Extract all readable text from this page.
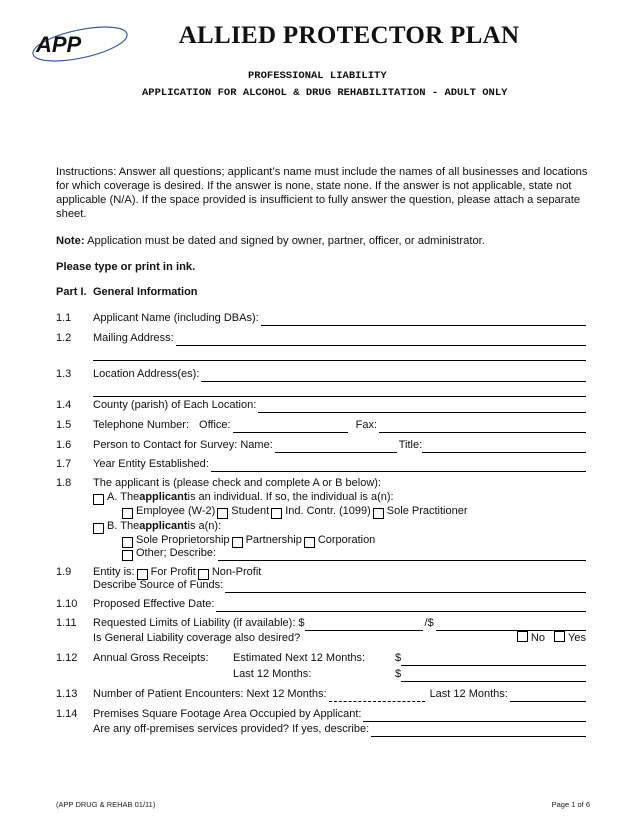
APP	ALLIED PROTECTOR PLAN
PROFESSIONAL LIABILITY
APPLICATION FOR ALCOHOL & DRUG REHABILITATION - ADULT ONLY
Instructions: Answer all questions; applicant’s name must include the names of all businesses and locations for which coverage is desired. If the answer is none, state none. If the answer is not applicable, state not applicable (N/A). If the space provided is insufficient to fully answer the question, please attach a separate sheet.
Note: Application must be dated and signed by owner, partner, officer, or administrator.
Please type or print in ink.
Part I. General Information
1.1 Applicant Name (including DBAs):
1.2 Mailing Address:
1.3 Location Address(es):
1.4 County (parish) of Each Location:
1.5 Telephone Number: Office:	Fax:
1.6 Person to Contact for Survey: Name:	Title:
1.7 Year Entity Established:
1.8 The applicant is (please check and complete A or B below):
A. The applicant is an individual. If so, the individual is a(n):
Employee (W-2) Student Ind. Contr. (1099) Sole Practitioner
B. The applicant is a(n):
Sole Proprietorship Partnership Corporation
Other; Describe:
1.9 Entity is: For Profit Non-Profit
Describe Source of Funds:
1.10 Proposed Effective Date:
1.11 Requested Limits of Liability (if available): $	/$
Is General Liability coverage also desired?	No Yes
1.12 Annual Gross Receipts:	Estimated Next 12 Months:	$
Last 12 Months:	$
1.13 Number of Patient Encounters: Next 12 Months:	Last 12 Months:
1.14 Premises Square Footage Area Occupied by Applicant:
Are any off-premises services provided? If yes, describe:
(APP DRUG & REHAB 01/11)	Page 1 of 6
